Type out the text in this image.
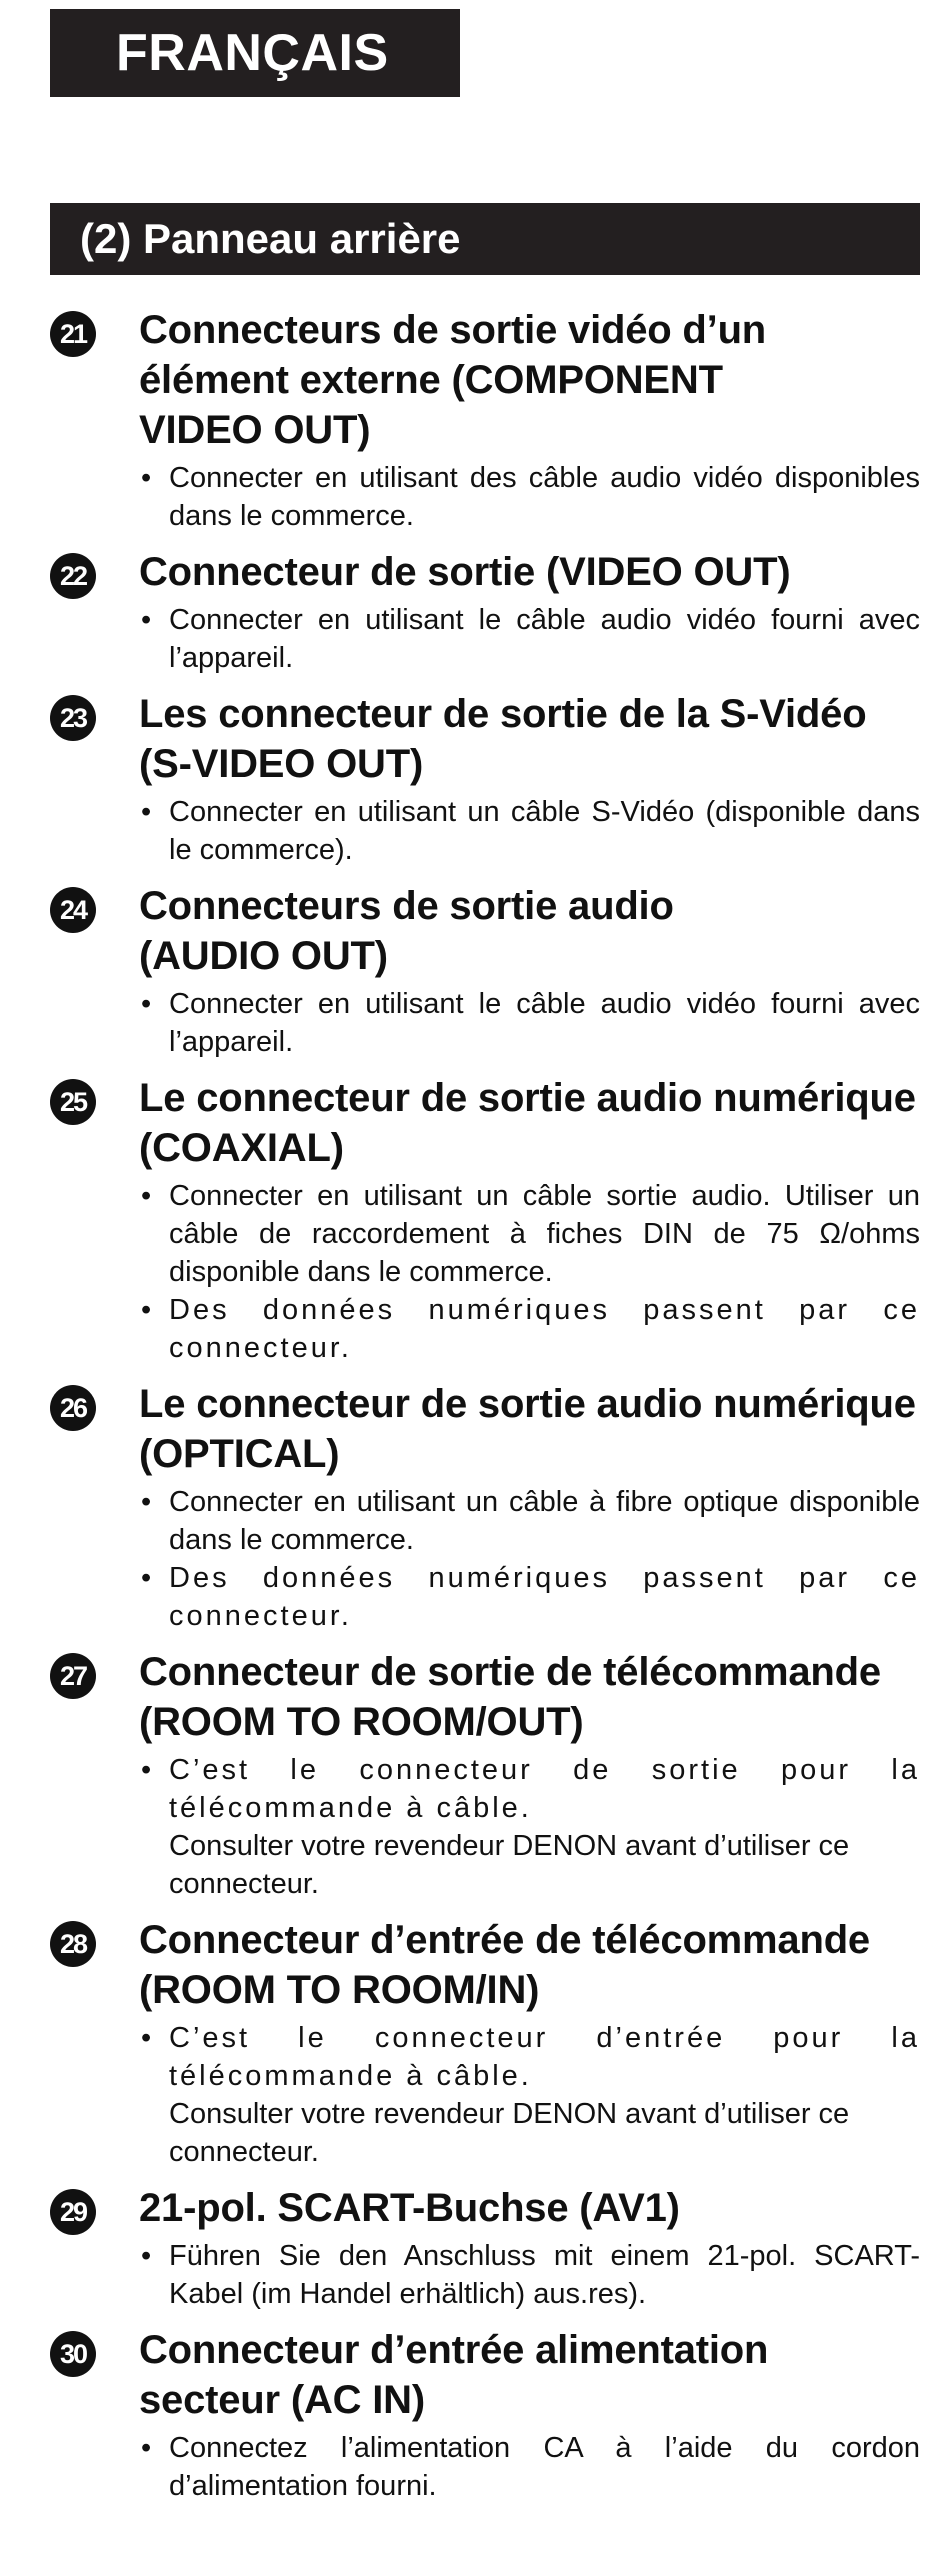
FRANÇAIS
(2) Panneau arrière
21 Connecteurs de sortie vidéo d’un élément externe (COMPONENT VIDEO OUT)

• Connecter en utilisant des câble audio vidéo disponibles dans le commerce.
22 Connecteur de sortie (VIDEO OUT)

• Connecter en utilisant le câble audio vidéo fourni avec l’appareil.
23 Les connecteur de sortie de la S-Vidéo (S-VIDEO OUT)

• Connecter en utilisant un câble S-Vidéo (disponible dans le commerce).
24 Connecteurs de sortie audio (AUDIO OUT)

• Connecter en utilisant le câble audio vidéo fourni avec l’appareil.
25 Le connecteur de sortie audio numérique (COAXIAL)

• Connecter en utilisant un câble sortie audio. Utiliser un câble de raccordement à fiches DIN de 75 Ω/ohms disponible dans le commerce.
• Des données numériques passent par ce connecteur.
26 Le connecteur de sortie audio numérique (OPTICAL)

• Connecter en utilisant un câble à fibre optique disponible dans le commerce.
• Des données numériques passent par ce connecteur.
27 Connecteur de sortie de télécommande (ROOM TO ROOM/OUT)

• C’est le connecteur de sortie pour la télécommande à câble.
Consulter votre revendeur DENON avant d’utiliser ce connecteur.
28 Connecteur d’entrée de télécommande (ROOM TO ROOM/IN)

• C’est le connecteur d’entrée pour la télécommande à câble.
Consulter votre revendeur DENON avant d’utiliser ce connecteur.
29 21-pol. SCART-Buchse (AV1)

• Führen Sie den Anschluss mit einem 21-pol. SCART-Kabel (im Handel erhältlich) aus.res).
30 Connecteur d’entrée alimentation secteur (AC IN)

• Connectez l’alimentation CA à l’aide du cordon d’alimentation fourni.
